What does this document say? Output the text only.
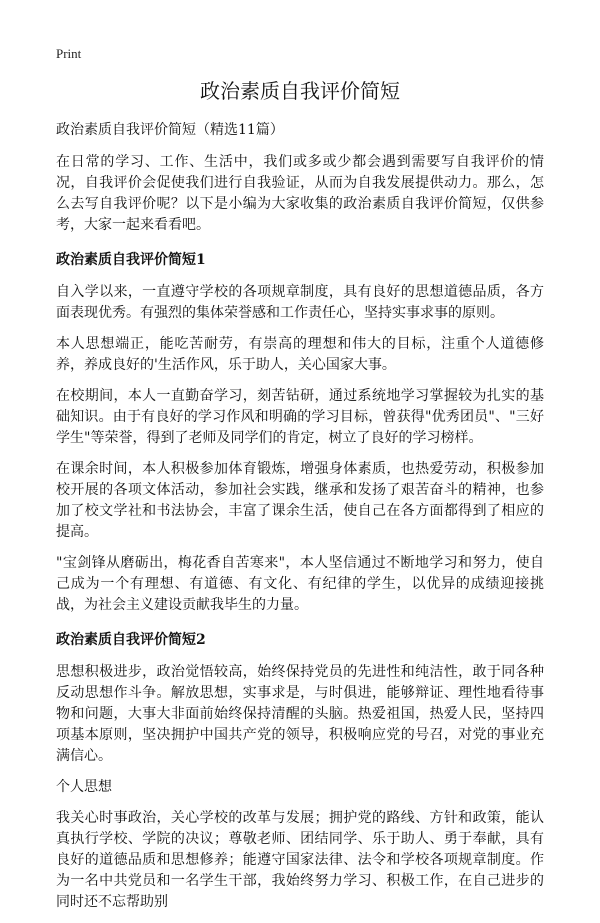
Print
政治素质自我评价简短

政治素质自我评价简短（精选11篇）

在日常的学习、工作、生活中，我们或多或少都会遇到需要写自我评价的情况，自我评价会促使我们进行自我验证，从而为自我发展提供动力。那么，怎么去写自我评价呢？以下是小编为大家收集的政治素质自我评价简短，仅供参考，大家一起来看看吧。

政治素质自我评价简短1

自入学以来，一直遵守学校的各项规章制度，具有良好的思想道德品质，各方面表现优秀。有强烈的集体荣誉感和工作责任心，坚持实事求事的原则。

本人思想端正，能吃苦耐劳，有崇高的理想和伟大的目标，注重个人道德修养，养成良好的'生活作风，乐于助人，关心国家大事。

在校期间，本人一直勤奋学习，刻苦钻研，通过系统地学习掌握较为扎实的基础知识。由于有良好的学习作风和明确的学习目标，曾获得"优秀团员"、"三好学生"等荣誉，得到了老师及同学们的肯定，树立了良好的学习榜样。

在课余时间，本人积极参加体育锻炼，增强身体素质，也热爱劳动，积极参加校开展的各项文体活动，参加社会实践，继承和发扬了艰苦奋斗的精神，也参加了校文学社和书法协会，丰富了课余生活，使自己在各方面都得到了相应的提高。

"宝剑锋从磨砺出，梅花香自苦寒来"，本人坚信通过不断地学习和努力，使自己成为一个有理想、有道德、有文化、有纪律的学生，以优异的成绩迎接挑战，为社会主义建设贡献我毕生的力量。

政治素质自我评价简短2

思想积极进步，政治觉悟较高，始终保持党员的先进性和纯洁性，敢于同各种反动思想作斗争。解放思想，实事求是，与时俱进，能够辩证、理性地看待事物和问题，大事大非面前始终保持清醒的头脑。热爱祖国，热爱人民，坚持四项基本原则，坚决拥护中国共产党的领导，积极响应党的号召，对党的事业充满信心。

个人思想

我关心时事政治，关心学校的改革与发展；拥护党的路线、方针和政策，能认真执行学校、学院的决议；尊敬老师、团结同学、乐于助人、勇于奉献，具有良好的道德品质和思想修养；能遵守国家法律、法令和学校各项规章制度。作为一名中共党员和一名学生干部，我始终努力学习、积极工作，在自己进步的同时还不忘帮助别
